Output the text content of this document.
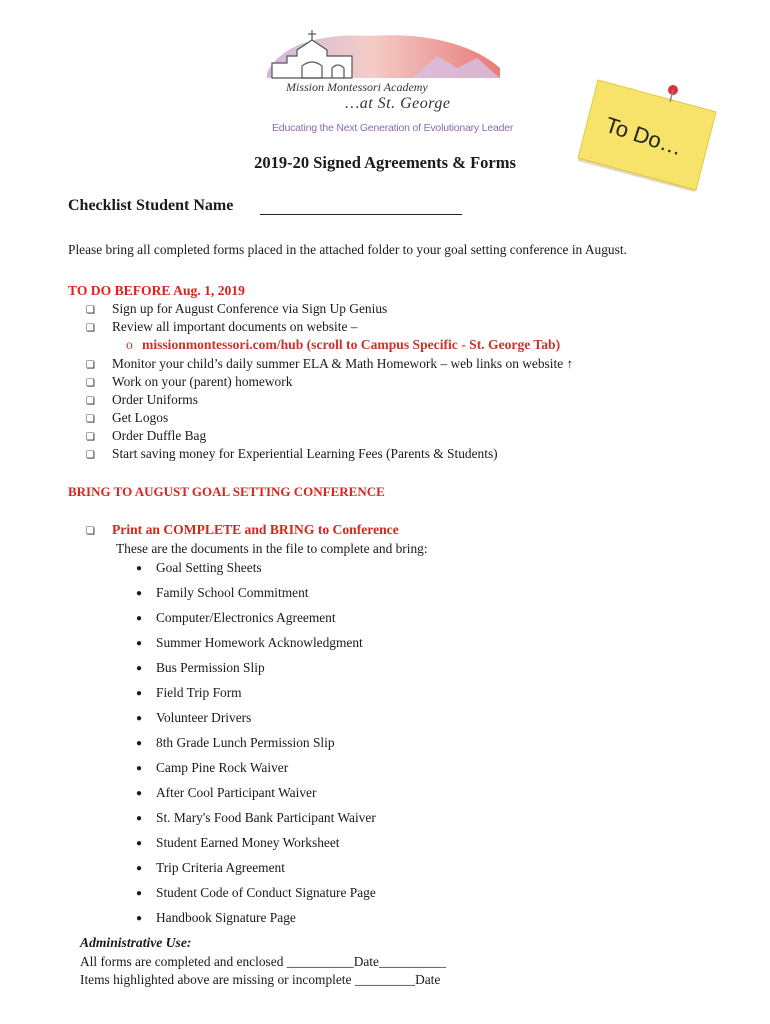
Mission Montessori Academy
…at St. George
Educating the Next Generation of Evolutionary Leader	To Do…
2019-20 Signed Agreements & Forms
Checklist Student Name
Please bring all completed forms placed in the attached folder to your goal setting conference in August.
TO DO BEFORE Aug. 1, 2019
❏ Sign up for August Conference via Sign Up Genius
❏ Review all important documents on website –
o missionmontessori.com/hub (scroll to Campus Specific - St. George Tab)
❏ Monitor your child’s daily summer ELA & Math Homework – web links on website ↑
❏ Work on your (parent) homework
❏ Order Uniforms
❏ Get Logos
❏ Order Duffle Bag
❏ Start saving money for Experiential Learning Fees (Parents & Students)
BRING TO AUGUST GOAL SETTING CONFERENCE
❏ Print an COMPLETE and BRING to Conference
These are the documents in the file to complete and bring:
● Goal Setting Sheets
● Family School Commitment
● Computer/Electronics Agreement
● Summer Homework Acknowledgment
● Bus Permission Slip
● Field Trip Form
● Volunteer Drivers
● 8th Grade Lunch Permission Slip
● Camp Pine Rock Waiver
● After Cool Participant Waiver
● St. Mary's Food Bank Participant Waiver
● Student Earned Money Worksheet
● Trip Criteria Agreement
● Student Code of Conduct Signature Page
● Handbook Signature Page
Administrative Use:
All forms are completed and enclosed __________Date__________
Items highlighted above are missing or incomplete _________Date
